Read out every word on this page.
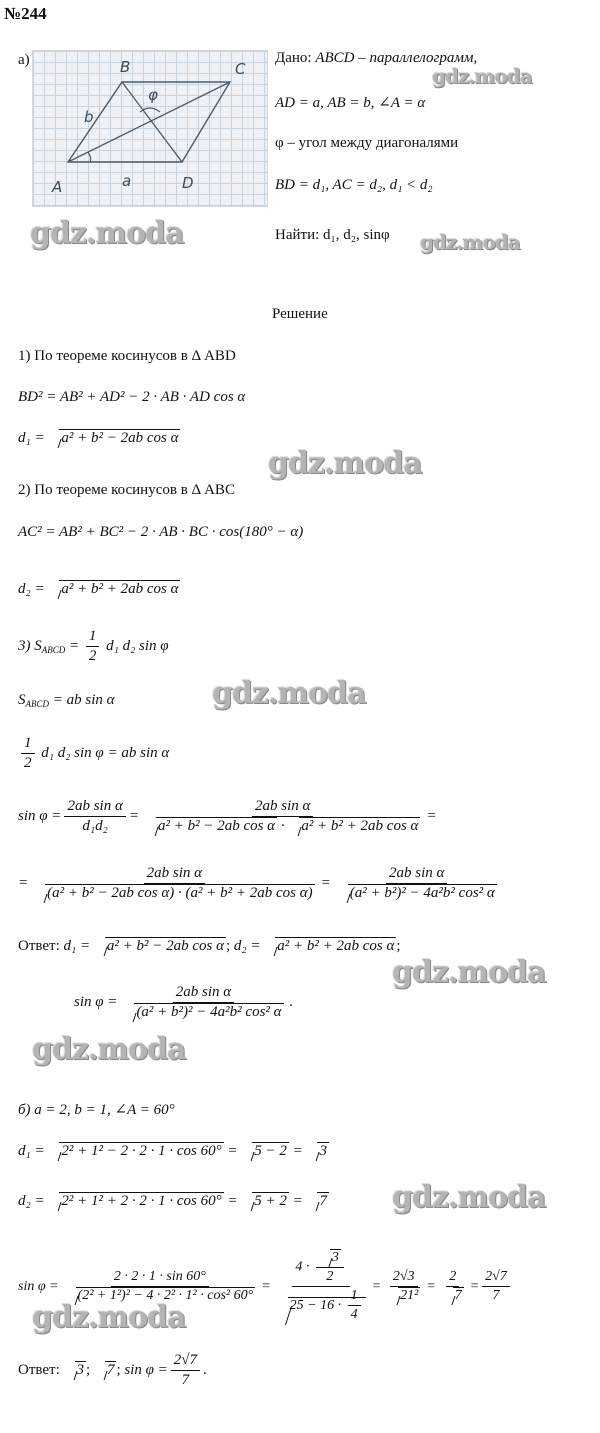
№244
а)
A
B	C
D
b
a
φ
Дано: ABCD – параллелограмм,
AD = a, AB = b, ∠A = α
φ – угол между диагоналями
BD = d₁, AC = d₂, d₁ < d₂
Найти: d₁, d₂, sinφ
Решение
1) По теореме косинусов в Δ ABD
BD² = AB² + AD² − 2 · AB · AD cos α
d₁ = a² + b² − 2ab cos α
2) По теореме косинусов в Δ ABC
AC² = AB² + BC² − 2 · AB · BC · cos(180° − α)
d₂ = a² + b² + 2ab cos α
3) $S_{ABCD} = \frac{1}{2} d_1$ d₂ sin φ
$S_{ABCD}$ = ab sin α
$\frac{1}{2} d_1$ d₂ sin φ = ab sin α
$\sin \varphi = \frac{\text{2ab sin α}}{\text{d₁d₂}} = \frac{\text{2ab sin α}}{\text{a² + b² − 2ab cos α · a² + b² + 2ab cos α}}$ =
= $\frac{\text{2ab sin α}}{\text{(a² + b² − 2ab cos α) · (a² + b² + 2ab cos α)}} = \frac{\text{2ab sin α}}{\text{(a² + b²)² − 4a²b² cos² α}}$
Ответ: d₁ = a² + b² − 2ab cos α ; d₂ = a² + b² + 2ab cos α ;
$\sin \varphi = \frac{\text{2ab sin α}}{\text{(a² + b²)² − 4a²b² cos² α}}$ .
б) a = 2, b = 1, ∠A = 60°
d₁ = 2² + 1² − 2 · 2 · 1 · cos 60° = 5 − 2 = 3
d₂ = 2² + 1² + 2 · 2 · 1 · cos 60° = 5 + 2 = 7
$\sin \varphi = \frac{2 \cdot 2 \cdot 1 \cdot \sin 60^\circ}{\text{(2² + 1²)² − 4 · 2² · 1² · cos² 60°}} = \frac{4 \cdot \frac{3}{2}}{25 - 16 \cdot \frac{1}{4}} = \frac{2√3}{\text{21²}} = \frac{2}{7} = \frac{2√7}{7}$
Ответ:
	3 ; 7 ; $\sin \varphi = \frac{2√7}{7}$ .
gdz.moda
gdz.moda	gdz.moda
gdz.moda
gdz.moda
gdz.moda
gdz.moda
gdz.moda
gdz.moda
